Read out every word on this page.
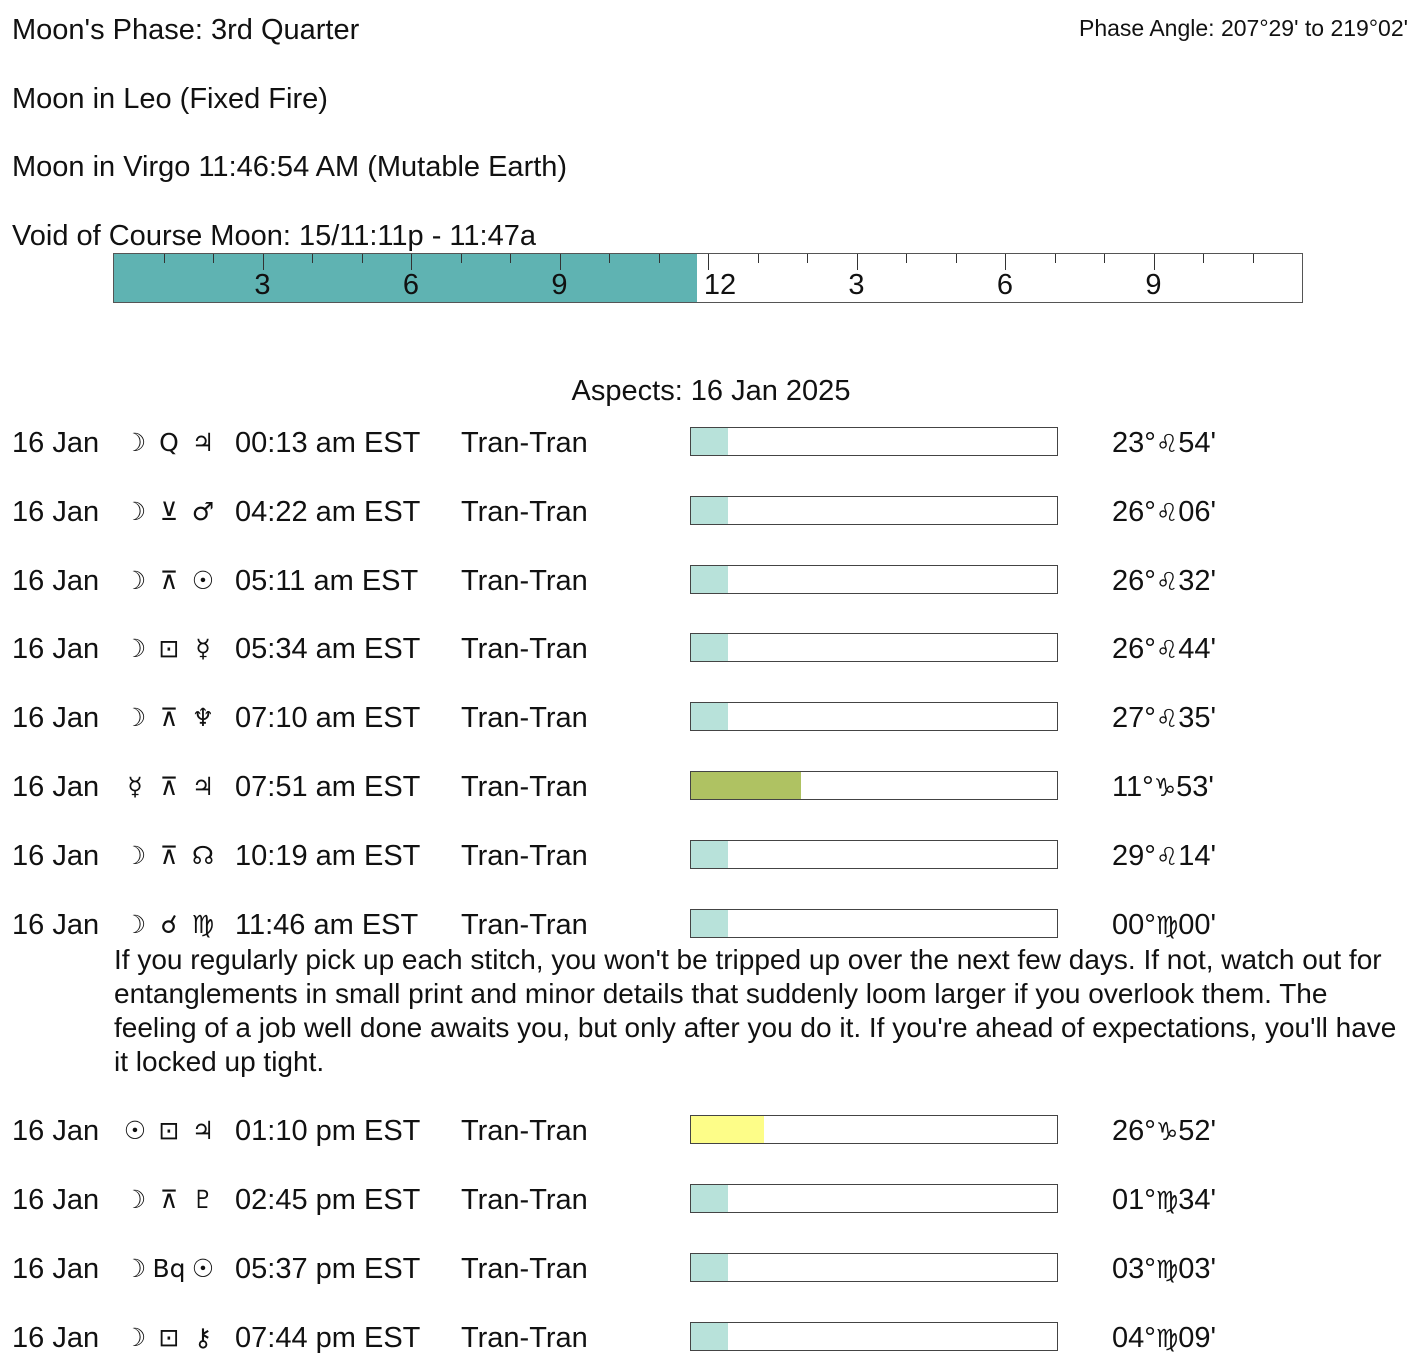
Moon's Phase: 3rd Quarter	Phase Angle: 207°29' to 219°02'
Moon in Leo (Fixed Fire)
Moon in Virgo 11:46:54 AM (Mutable Earth)
Void of Course Moon: 15/11:11p - 11:47a
3	6	9	12	3	6	9
Aspects: 16 Jan 2025
16 Jan ☽ Q ♃ 00:13 am EST Tran-Tran	23°♌54'
16 Jan ☽ ⊻ ♂ 04:22 am EST Tran-Tran	26°♌06'
16 Jan ☽ ⊼ ☉ 05:11 am EST Tran-Tran	26°♌32'
16 Jan ☽ ⊡ ☿ 05:34 am EST Tran-Tran	26°♌44'
16 Jan ☽ ⊼ ♆ 07:10 am EST Tran-Tran	27°♌35'
16 Jan	☿ ⊼ ♃ 07:51 am EST Tran-Tran	11°♑53'
16 Jan ☽ ⊼ ☊ 10:19 am EST Tran-Tran	29°♌14'
16 Jan ☽ ☌ ♍ 11:46 am EST Tran-Tran	00°♍00'
16 Jan ☉ ⊡ ♃ 01:10 pm EST Tran-Tran	26°♑52'
16 Jan ☽ ⊼ ♇ 02:45 pm EST Tran-Tran	01°♍34'
16 Jan ☽ Bq ☉ 05:37 pm EST Tran-Tran	03°♍03'
16 Jan ☽ ⊡ ⚷ 07:44 pm EST Tran-Tran	04°♍09'
If you regularly pick up each stitch, you won't be tripped up over the next few days. If not, watch out for entanglements in small print and minor details that suddenly loom larger if you overlook them. The feeling of a job well done awaits you, but only after you do it. If you're ahead of expectations, you'll have it locked up tight.
